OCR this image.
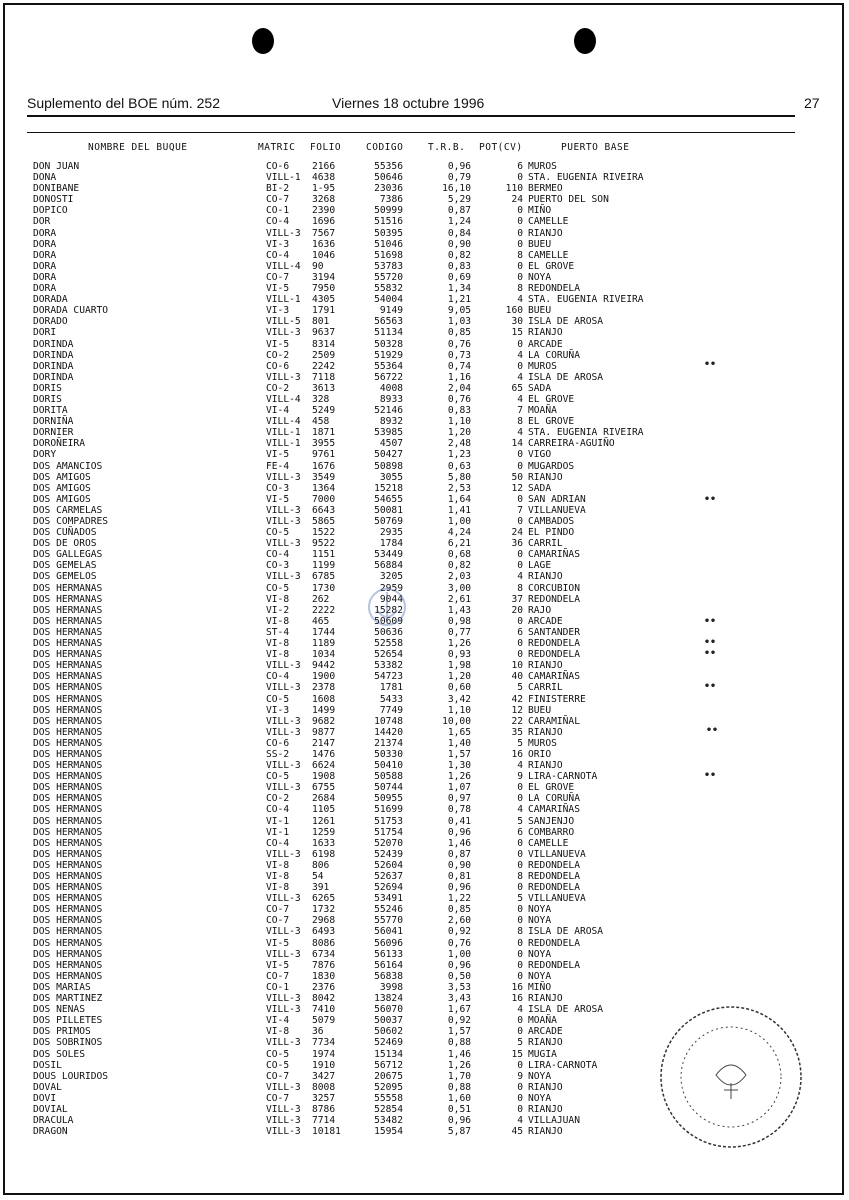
Suplemento del BOE núm. 252	Viernes 18 octubre 1996	27
NOMBRE DEL BUQUE	MATRIC FOLIO	CODIGO	T.R.B. POT(CV)	PUERTO BASE
DON JUAN	CO-6 2166	55356	0,96	6 MUROS
DONA	VILL-1 4638	50646	0,79	0 STA. EUGENIA RIVEIRA
DONIBANE	BI-2 1-95	23036	16,10	110 BERMEO
DONOSTI	CO-7 3268	7386	5,29	24 PUERTO DEL SON
DOPICO	CO-1 2390	50999	0,87	0 MIÑO
DOR	CO-4 1696	51516	1,24	0 CAMELLE
DORA	VILL-3 7567	50395	0,84	0 RIANJO
DORA	VI-3 1636	51046	0,90	0 BUEU
DORA	CO-4 1046	51698	0,82	8 CAMELLE
DORA	VILL-4 90	53783	0,83	0 EL GROVE
DORA	CO-7 3194	55720	0,69	0 NOYA
DORA	VI-5 7950	55832	1,34	8 REDONDELA
DORADA	VILL-1 4305	54004	1,21	4 STA. EUGENIA RIVEIRA
DORADA CUARTO	VI-3 1791	9149	9,05	160 BUEU
DORADO	VILL-5 801	56563	1,03	30 ISLA DE AROSA
DORI	VILL-3 9637	51134	0,85	15 RIANJO
DORINDA	VI-5 8314	50328	0,76	0 ARCADE
DORINDA	CO-2 2509	51929	0,73	4 LA CORUÑA
DORINDA	CO-6 2242	55364	0,74	0 MUROS
DORINDA	VILL-3 7118	56722	1,16	4 ISLA DE AROSA
DORIS	CO-2 3613	4008	2,04	65 SADA
DORIS	VILL-4 328	8933	0,76	4 EL GROVE
DORITA	VI-4 5249	52146	0,83	7 MOAÑA
DORNIÑA	VILL-4 458	8932	1,10	8 EL GROVE
DORNIER	VILL-1 1871	53985	1,20	4 STA. EUGENIA RIVEIRA
DOROÑEIRA	VILL-1 3955	4507	2,48	14 CARREIRA-AGUIÑO
DORY	VI-5 9761	50427	1,23	0 VIGO
DOS AMANCIOS	FE-4 1676	50898	0,63	0 MUGARDOS
DOS AMIGOS	VILL-3 3549	3055	5,80	50 RIANJO
DOS AMIGOS	CO-3 1364	15218	2,53	12 SADA
DOS AMIGOS	VI-5 7000	54655	1,64	0 SAN ADRIAN
DOS CARMELAS	VILL-3 6643	50081	1,41	7 VILLANUEVA
DOS COMPADRES	VILL-3 5865	50769	1,00	0 CAMBADOS
DOS CUÑADOS	CO-5 1522	2935	4,24	24 EL PINDO
DOS DE OROS	VILL-3 9522	1784	6,21	36 CARRIL
DOS GALLEGAS	CO-4 1151	53449	0,68	0 CAMARIÑAS
DOS GEMELAS	CO-3 1199	56884	0,82	0 LAGE
DOS GEMELOS	VILL-3 6785	3205	2,03	4 RIANJO
DOS HERMANAS	CO-5 1730	2959	3,00	8 CORCUBION
DOS HERMANAS	VI-8 262	9044	2,61	37 REDONDELA
DOS HERMANAS	VI-2 2222	15282	1,43	20 RAJO
DOS HERMANAS	VI-8 465	50609	0,98	0 ARCADE
DOS HERMANAS	ST-4 1744	50636	0,77	6 SANTANDER
DOS HERMANAS	VI-8 1189	52558	1,26	0 REDONDELA
DOS HERMANAS	VI-8 1034	52654	0,93	0 REDONDELA
DOS HERMANAS	VILL-3 9442	53382	1,98	10 RIANJO
DOS HERMANAS	CO-4 1900	54723	1,20	40 CAMARIÑAS
DOS HERMANOS	VILL-3 2378	1781	0,60	5 CARRIL
DOS HERMANOS	CO-5 1608	5433	3,42	42 FINISTERRE
DOS HERMANOS	VI-3 1499	7749	1,10	12 BUEU
DOS HERMANOS	VILL-3 9682	10748	10,00	22 CARAMIÑAL
DOS HERMANOS	VILL-3 9877	14420	1,65	35 RIANJO
DOS HERMANOS	CO-6 2147	21374	1,40	5 MUROS
DOS HERMANOS	SS-2 1476	50330	1,57	16 ORIO
DOS HERMANOS	VILL-3 6624	50410	1,30	4 RIANJO
DOS HERMANOS	CO-5 1908	50588	1,26	9 LIRA-CARNOTA
DOS HERMANOS	VILL-3 6755	50744	1,07	0 EL GROVE
DOS HERMANOS	CO-2 2684	50955	0,97	0 LA CORUÑA
DOS HERMANOS	CO-4 1105	51699	0,78	4 CAMARIÑAS
DOS HERMANOS	VI-1 1261	51753	0,41	5 SANJENJO
DOS HERMANOS	VI-1 1259	51754	0,96	6 COMBARRO
DOS HERMANOS	CO-4 1633	52070	1,46	0 CAMELLE
DOS HERMANOS	VILL-3 6198	52439	0,87	0 VILLANUEVA
DOS HERMANOS	VI-8 806	52604	0,90	0 REDONDELA
DOS HERMANOS	VI-8 54	52637	0,81	8 REDONDELA
DOS HERMANOS	VI-8 391	52694	0,96	0 REDONDELA
DOS HERMANOS	VILL-3 6265	53491	1,22	5 VILLANUEVA
DOS HERMANOS	CO-7 1732	55246	0,85	0 NOYA
DOS HERMANOS	CO-7 2968	55770	2,60	0 NOYA
DOS HERMANOS	VILL-3 6493	56041	0,92	8 ISLA DE AROSA
DOS HERMANOS	VI-5 8086	56096	0,76	0 REDONDELA
DOS HERMANOS	VILL-3 6734	56133	1,00	0 NOYA
DOS HERMANOS	VI-5 7876	56164	0,96	0 REDONDELA
DOS HERMANOS	CO-7 1830	56838	0,50	0 NOYA
DOS MARIAS	CO-1 2376	3998	3,53	16 MIÑO
DOS MARTINEZ	VILL-3 8042	13824	3,43	16 RIANJO
DOS NENAS	VILL-3 7410	56070	1,67	4 ISLA DE AROSA
DOS PILLETES	VI-4 5079	50037	0,92	0 MOAÑA
DOS PRIMOS	VI-8 36	50602	1,57	0 ARCADE
DOS SOBRINOS	VILL-3 7734	52469	0,88	5 RIANJO
DOS SOLES	CO-5 1974	15134	1,46	15 MUGIA
DOSIL	CO-5 1910	56712	1,26	0 LIRA-CARNOTA
DOUS LOURIDOS	CO-7 3427	20675	1,70	9 NOYA
DOVAL	VILL-3 8008	52095	0,88	0 RIANJO
DOVI	CO-7 3257	55558	1,60	0 NOYA
DOVIAL	VILL-3 8786	52854	0,51	0 RIANJO
DRACULA	VILL-3 7714	53482	0,96	4 VILLAJUAN
DRAGON	VILL-3 10181	15954	5,87	45 RIANJO
••
••
••
••
••
••
••
••
